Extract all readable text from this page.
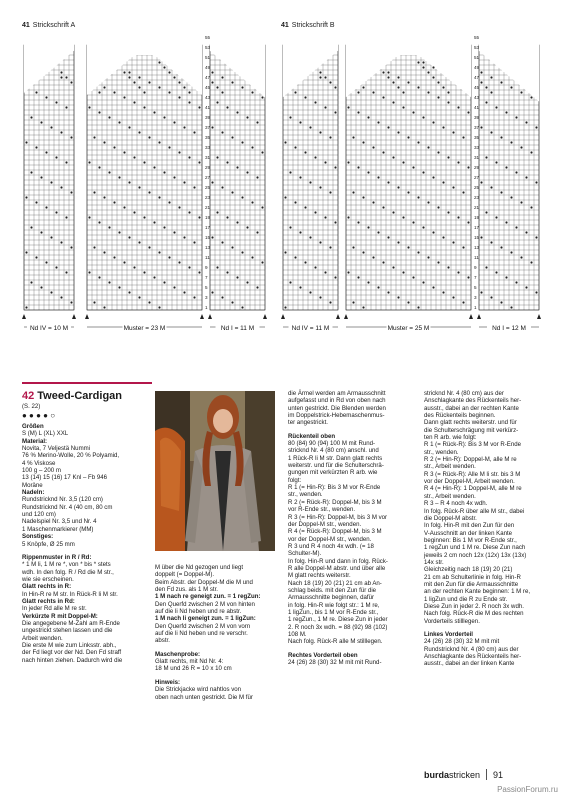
41 Strickschrift A	41 Strickschrift B
1
3
5
7
9
11
13
15
17
19
21
23
25
27
29
31
33
35
37
39
41
43
45
47
49
51
53
55
Nd IV = 10 M	Muster = 23 M	Nd I = 11 M
1
3
5
7
9
11
13
15
17
19
21
23
25
27
29
31
33
35
37
39
41
43
45
47
49
51
53
55
Nd IV = 11 M	Muster = 25 M	Nd I = 12 M
42 Tweed-Cardigan

(S. 22)

● ● ● ● ○

Größen

S (M) L (XL) XXL

Material:

Novita, 7 Veljestä Nummi

76 % Merino-Wolle, 20 % Polyamid,

4 % Viskose

100 g – 200 m

13 (14) 15 (16) 17 Knl – Fb 946

Moräne

Nadeln:

Rundstricknd Nr. 3,5 (120 cm)

Rundstricknd Nr. 4 (40 cm, 80 cm

und 120 cm)

Nadelspiel Nr. 3,5 und Nr. 4

1 Maschenmarkierer (MM)

Sonstiges:

5 Knöpfe, Ø 25 mm

Rippenmuster in R / Rd:

* 1 M li, 1 M re *, von * bis * stets

wdh. In den folg. R / Rd die M str.,

wie sie erscheinen.

Glatt rechts in R:

In Hin-R re M str. In Rück-R li M str.

Glatt rechts in Rd:

In jeder Rd alle M re str.

Verkürzte R mit Doppel-M:

Die angegebene M-Zahl am R-Ende

ungestrickt stehen lassen und die

Arbeit wenden.

Die erste M wie zum Linksstr. abh.,

der Fd liegt vor der Nd. Den Fd straff

nach hinten ziehen. Dadurch wird die

M über die Nd gezogen und liegt

doppelt (= Doppel-M).

Beim Abstr. der Doppel-M die M und

den Fd zus. als 1 M str.

1 M nach re geneigt zun. = 1 regZun:

Den Querfd zwischen 2 M von hinten

auf die li Nd heben und re abstr.

1 M nach li geneigt zun. = 1 ligZun:

Den Querfd zwischen 2 M von vorn

auf die li Nd heben und re verschr.

abstr.

Maschenprobe:

Glatt rechts, mit Nd Nr. 4:

18 M und 26 R = 10 x 10 cm

Hinweis:

Die Strickjacke wird nahtlos von

oben nach unten gestrickt. Die M für

die Ärmel werden am Armausschnitt

aufgefasst und in Rd von oben nach

unten gestrickt. Die Blenden werden

im Doppelstrick-Hebemaschenmus-

ter angestrickt.

Rückenteil oben

80 (84) 90 (94) 100 M mit Rund-

stricknd Nr. 4 (80 cm) anschl. und

1 Rück-R li M str. Dann glatt rechts

weiterstr. und für die Schulterschrä-

gungen mit verkürzten R arb. wie

folgt:

R 1 (= Hin-R): Bis 3 M vor R-Ende

str., wenden.

R 2 (= Rück-R): Doppel-M, bis 3 M

vor R-Ende str., wenden.

R 3 (= Hin-R): Doppel-M, bis 3 M vor

der Doppel-M str., wenden.

R 4 (= Rück-R): Doppel-M, bis 3 M

vor der Doppel-M str., wenden.

R 3 und R 4 noch 4x wdh. (= 18

Schulter-M).

In folg. Hin-R und dann in folg. Rück-

R alle Doppel-M abstr. und über alle

M glatt rechts weiterstr.

Nach 18 (19) 20 (21) 21 cm ab An-

schlag beids. mit den Zun für die

Armausschnitte beginnen, dafür

in folg. Hin-R wie folgt str.: 1 M re,

1 ligZun., bis 1 M vor R-Ende str.,

1 regZun., 1 M re. Diese Zun in jeder

2. R noch 3x wdh. = 88 (92) 98 (102)

108 M.

Nach folg. Rück-R alle M stilllegen.

Rechtes Vorderteil oben

24 (26) 28 (30) 32 M mit mit Rund-

stricknd Nr. 4 (80 cm) aus der

Anschlagkante des Rückenteils her-

ausstr., dabei an der rechten Kante

des Rückenteils beginnen.

Dann glatt rechts weiterstr. und für

die Schulterschrägung mit verkürz-

ten R arb. wie folgt:

R 1 (= Rück-R): Bis 3 M vor R-Ende

str., wenden.

R 2 (= Hin-R): Doppel-M, alle M re

str., Arbeit wenden.

R 3 (= Rück-R): Alle M li str. bis 3 M

vor der Doppel-M, Arbeit wenden.

R 4 (= Hin-R): 1 Doppel-M, alle M re

str., Arbeit wenden.

R 3 – R 4 noch 4x wdh.

In folg. Rück-R über alle M str., dabei

die Doppel-M abstr.

In folg. Hin-R mit den Zun für den

V-Ausschnitt an der linken Kante

beginnen: Bis 1 M vor R-Ende str.,

1 regZun und 1 M re. Diese Zun nach

jeweils 2 cm noch 12x (12x) 13x (13x)

14x str.

Gleichzeitig nach 18 (19) 20 (21)

21 cm ab Schulterlinie in folg. Hin-R

mit den Zun für die Armausschnitte

an der rechten Kante beginnen: 1 M re,

1 ligZun und die R zu Ende str.

Diese Zun in jeder 2. R noch 3x wdh.

Nach folg. Rück-R die M des rechten

Vorderteils stilllegen.

Linkes Vorderteil

24 (26) 28 (30) 32 M mit mit

Rundstricknd Nr. 4 (80 cm) aus der

Anschlagkante des Rückenteils her-

ausstr., dabei an der linken Kante

burdastricken 91
PassionForum.ru
